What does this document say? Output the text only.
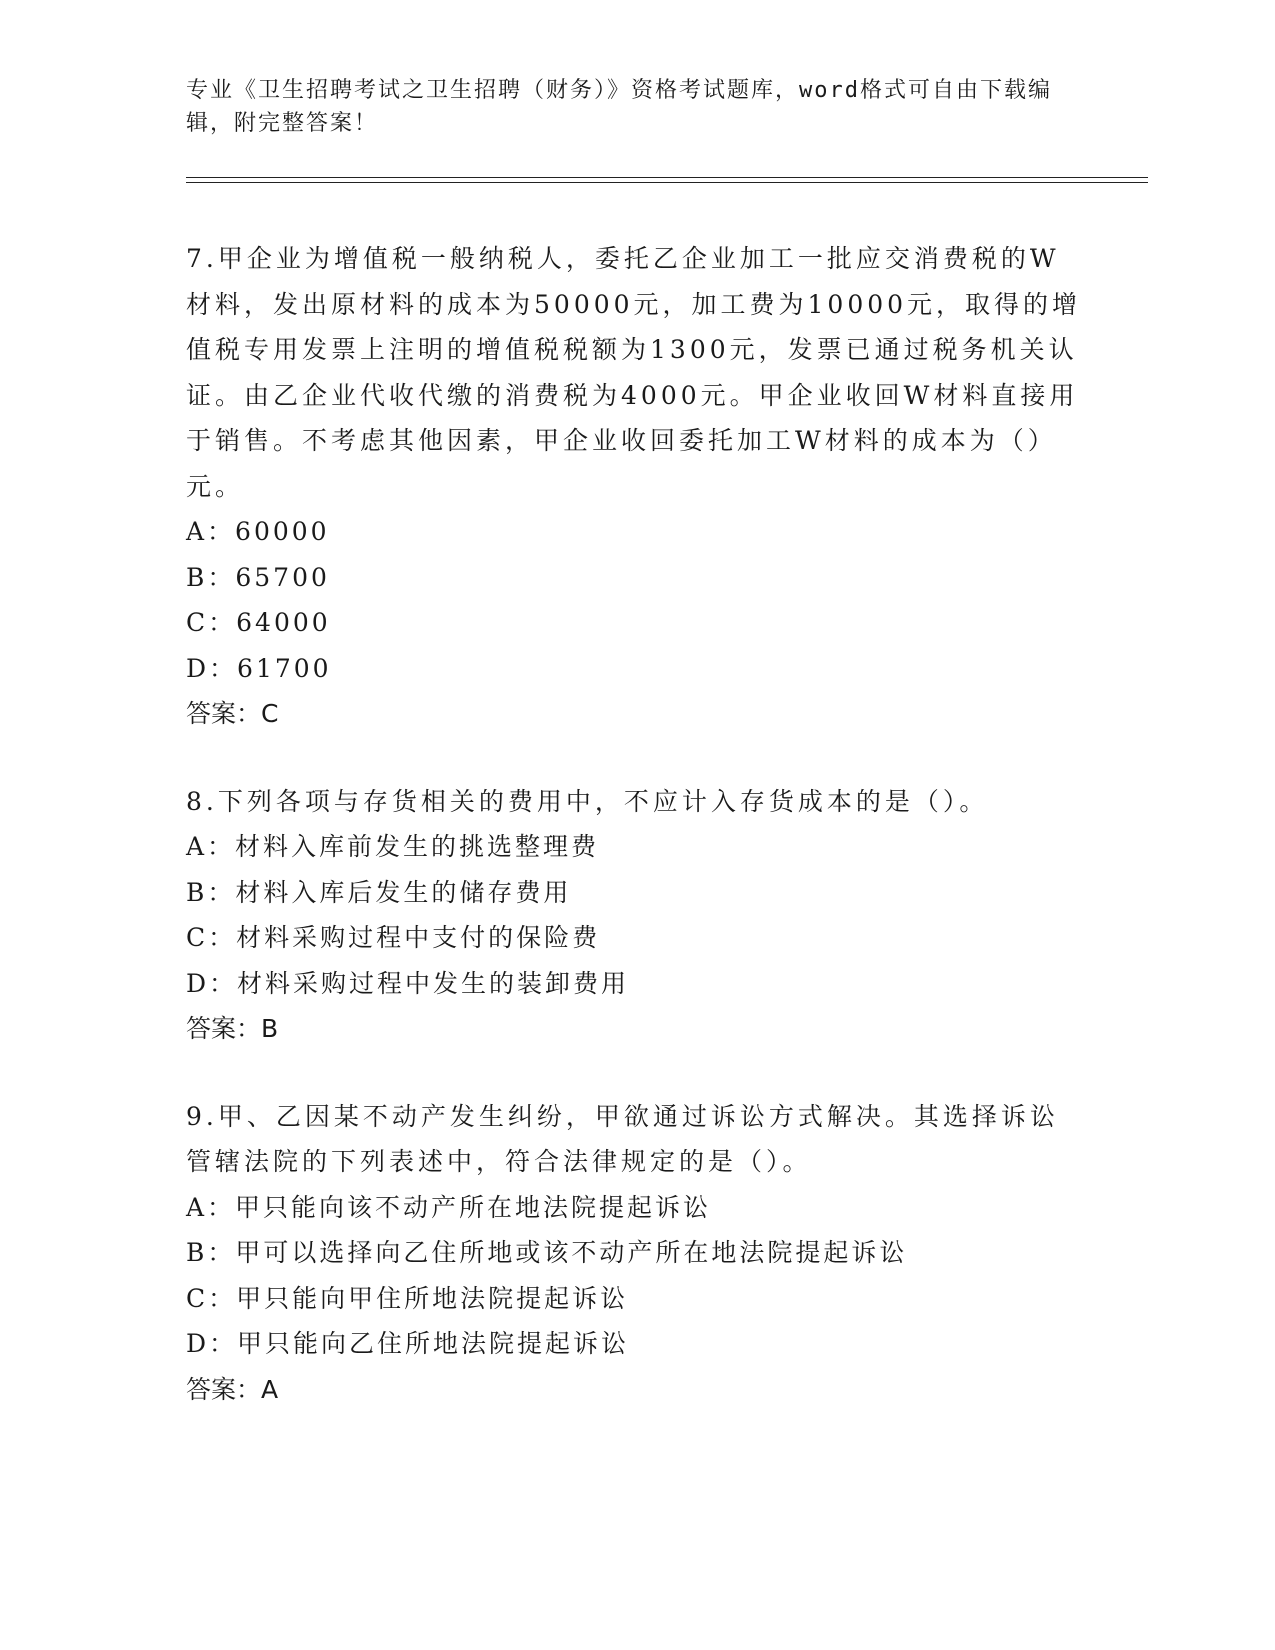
专业《卫生招聘考试之卫生招聘（财务）》资格考试题库，word格式可自由下载编辑，附完整答案！

7.甲企业为增值税一般纳税人，委托乙企业加工一批应交消费税的W材料，发出原材料的成本为50000元，加工费为10000元，取得的增值税专用发票上注明的增值税税额为1300元，发票已通过税务机关认证。由乙企业代收代缴的消费税为4000元。甲企业收回W材料直接用于销售。不考虑其他因素，甲企业收回委托加工W材料的成本为（）元。

A：60000

B：65700

C：64000

D：61700

答案：C

8.下列各项与存货相关的费用中，不应计入存货成本的是（）。

A：材料入库前发生的挑选整理费

B：材料入库后发生的储存费用

C：材料采购过程中支付的保险费

D：材料采购过程中发生的装卸费用

答案：B

9.甲、乙因某不动产发生纠纷，甲欲通过诉讼方式解决。其选择诉讼管辖法院的下列表述中，符合法律规定的是（）。

A：甲只能向该不动产所在地法院提起诉讼

B：甲可以选择向乙住所地或该不动产所在地法院提起诉讼

C：甲只能向甲住所地法院提起诉讼

D：甲只能向乙住所地法院提起诉讼

答案：A
